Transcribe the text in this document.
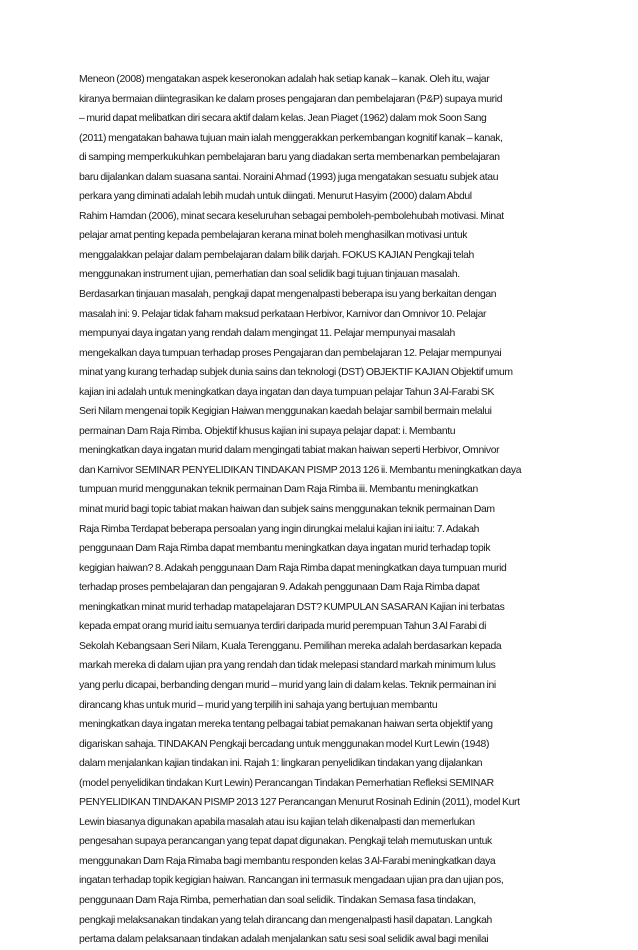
Meneon (2008) mengatakan aspek keseronokan adalah hak setiap kanak – kanak. Oleh itu, wajar
kiranya bermaian diintegrasikan ke dalam proses pengajaran dan pembelajaran (P&P) supaya murid
– murid dapat melibatkan diri secara aktif dalam kelas. Jean Piaget (1962) dalam mok Soon Sang
(2011) mengatakan bahawa tujuan main ialah menggerakkan perkembangan kognitif kanak – kanak,
di samping memperkukuhkan pembelajaran baru yang diadakan serta membenarkan pembelajaran
baru dijalankan dalam suasana santai. Noraini Ahmad (1993) juga mengatakan sesuatu subjek atau
perkara yang diminati adalah lebih mudah untuk diingati. Menurut Hasyim (2000) dalam Abdul
Rahim Hamdan (2006), minat secara keseluruhan sebagai pemboleh-pembolehubah motivasi. Minat
pelajar amat penting kepada pembelajaran kerana minat boleh menghasilkan motivasi untuk
menggalakkan pelajar dalam pembelajaran dalam bilik darjah. FOKUS KAJIAN Pengkaji telah
menggunakan instrument ujian, pemerhatian dan soal selidik bagi tujuan tinjauan masalah.
Berdasarkan tinjauan masalah, pengkaji dapat mengenalpasti beberapa isu yang berkaitan dengan
masalah ini: 9. Pelajar tidak faham maksud perkataan Herbivor, Karnivor dan Omnivor 10. Pelajar
mempunyai daya ingatan yang rendah dalam mengingat 11. Pelajar mempunyai masalah
mengekalkan daya tumpuan terhadap proses Pengajaran dan pembelajaran 12. Pelajar mempunyai
minat yang kurang terhadap subjek dunia sains dan teknologi (DST) OBJEKTIF KAJIAN Objektif umum
kajian ini adalah untuk meningkatkan daya ingatan dan daya tumpuan pelajar Tahun 3 Al-Farabi SK
Seri Nilam mengenai topik Kegigian Haiwan menggunakan kaedah belajar sambil bermain melalui
permainan Dam Raja Rimba. Objektif khusus kajian ini supaya pelajar dapat: i. Membantu
meningkatkan daya ingatan murid dalam mengingati tabiat makan haiwan seperti Herbivor, Omnivor
dan Karnivor SEMINAR PENYELIDIKAN TINDAKAN PISMP 2013 126 ii. Membantu meningkatkan daya
tumpuan murid menggunakan teknik permainan Dam Raja Rimba iii. Membantu meningkatkan
minat murid bagi topic tabiat makan haiwan dan subjek sains menggunakan teknik permainan Dam
Raja Rimba Terdapat beberapa persoalan yang ingin dirungkai melalui kajian ini iaitu: 7. Adakah
penggunaan Dam Raja Rimba dapat membantu meningkatkan daya ingatan murid terhadap topik
kegigian haiwan? 8. Adakah penggunaan Dam Raja Rimba dapat meningkatkan daya tumpuan murid
terhadap proses pembelajaran dan pengajaran 9. Adakah penggunaan Dam Raja Rimba dapat
meningkatkan minat murid terhadap matapelajaran DST? KUMPULAN SASARAN Kajian ini terbatas
kepada empat orang murid iaitu semuanya terdiri daripada murid perempuan Tahun 3 Al Farabi di
Sekolah Kebangsaan Seri Nilam, Kuala Terengganu. Pemilihan mereka adalah berdasarkan kepada
markah mereka di dalam ujian pra yang rendah dan tidak melepasi standard markah minimum lulus
yang perlu dicapai, berbanding dengan murid – murid yang lain di dalam kelas. Teknik permainan ini
dirancang khas untuk murid – murid yang terpilih ini sahaja yang bertujuan membantu
meningkatkan daya ingatan mereka tentang pelbagai tabiat pemakanan haiwan serta objektif yang
digariskan sahaja. TINDAKAN Pengkaji bercadang untuk menggunakan model Kurt Lewin (1948)
dalam menjalankan kajian tindakan ini. Rajah 1: lingkaran penyelidikan tindakan yang dijalankan
(model penyelidikan tindakan Kurt Lewin) Perancangan Tindakan Pemerhatian Refleksi SEMINAR
PENYELIDIKAN TINDAKAN PISMP 2013 127 Perancangan Menurut Rosinah Edinin (2011), model Kurt
Lewin biasanya digunakan apabila masalah atau isu kajian telah dikenalpasti dan memerlukan
pengesahan supaya perancangan yang tepat dapat digunakan. Pengkaji telah memutuskan untuk
menggunakan Dam Raja Rimaba bagi membantu responden kelas 3 Al-Farabi meningkatkan daya
ingatan terhadap topik kegigian haiwan. Rancangan ini termasuk mengadaan ujian pra dan ujian pos,
penggunaan Dam Raja Rimba, pemerhatian dan soal selidik. Tindakan Semasa fasa tindakan,
pengkaji melaksanakan tindakan yang telah dirancang dan mengenalpasti hasil dapatan. Langkah
pertama dalam pelaksanaan tindakan adalah menjalankan satu sesi soal selidik awal bagi menilai
